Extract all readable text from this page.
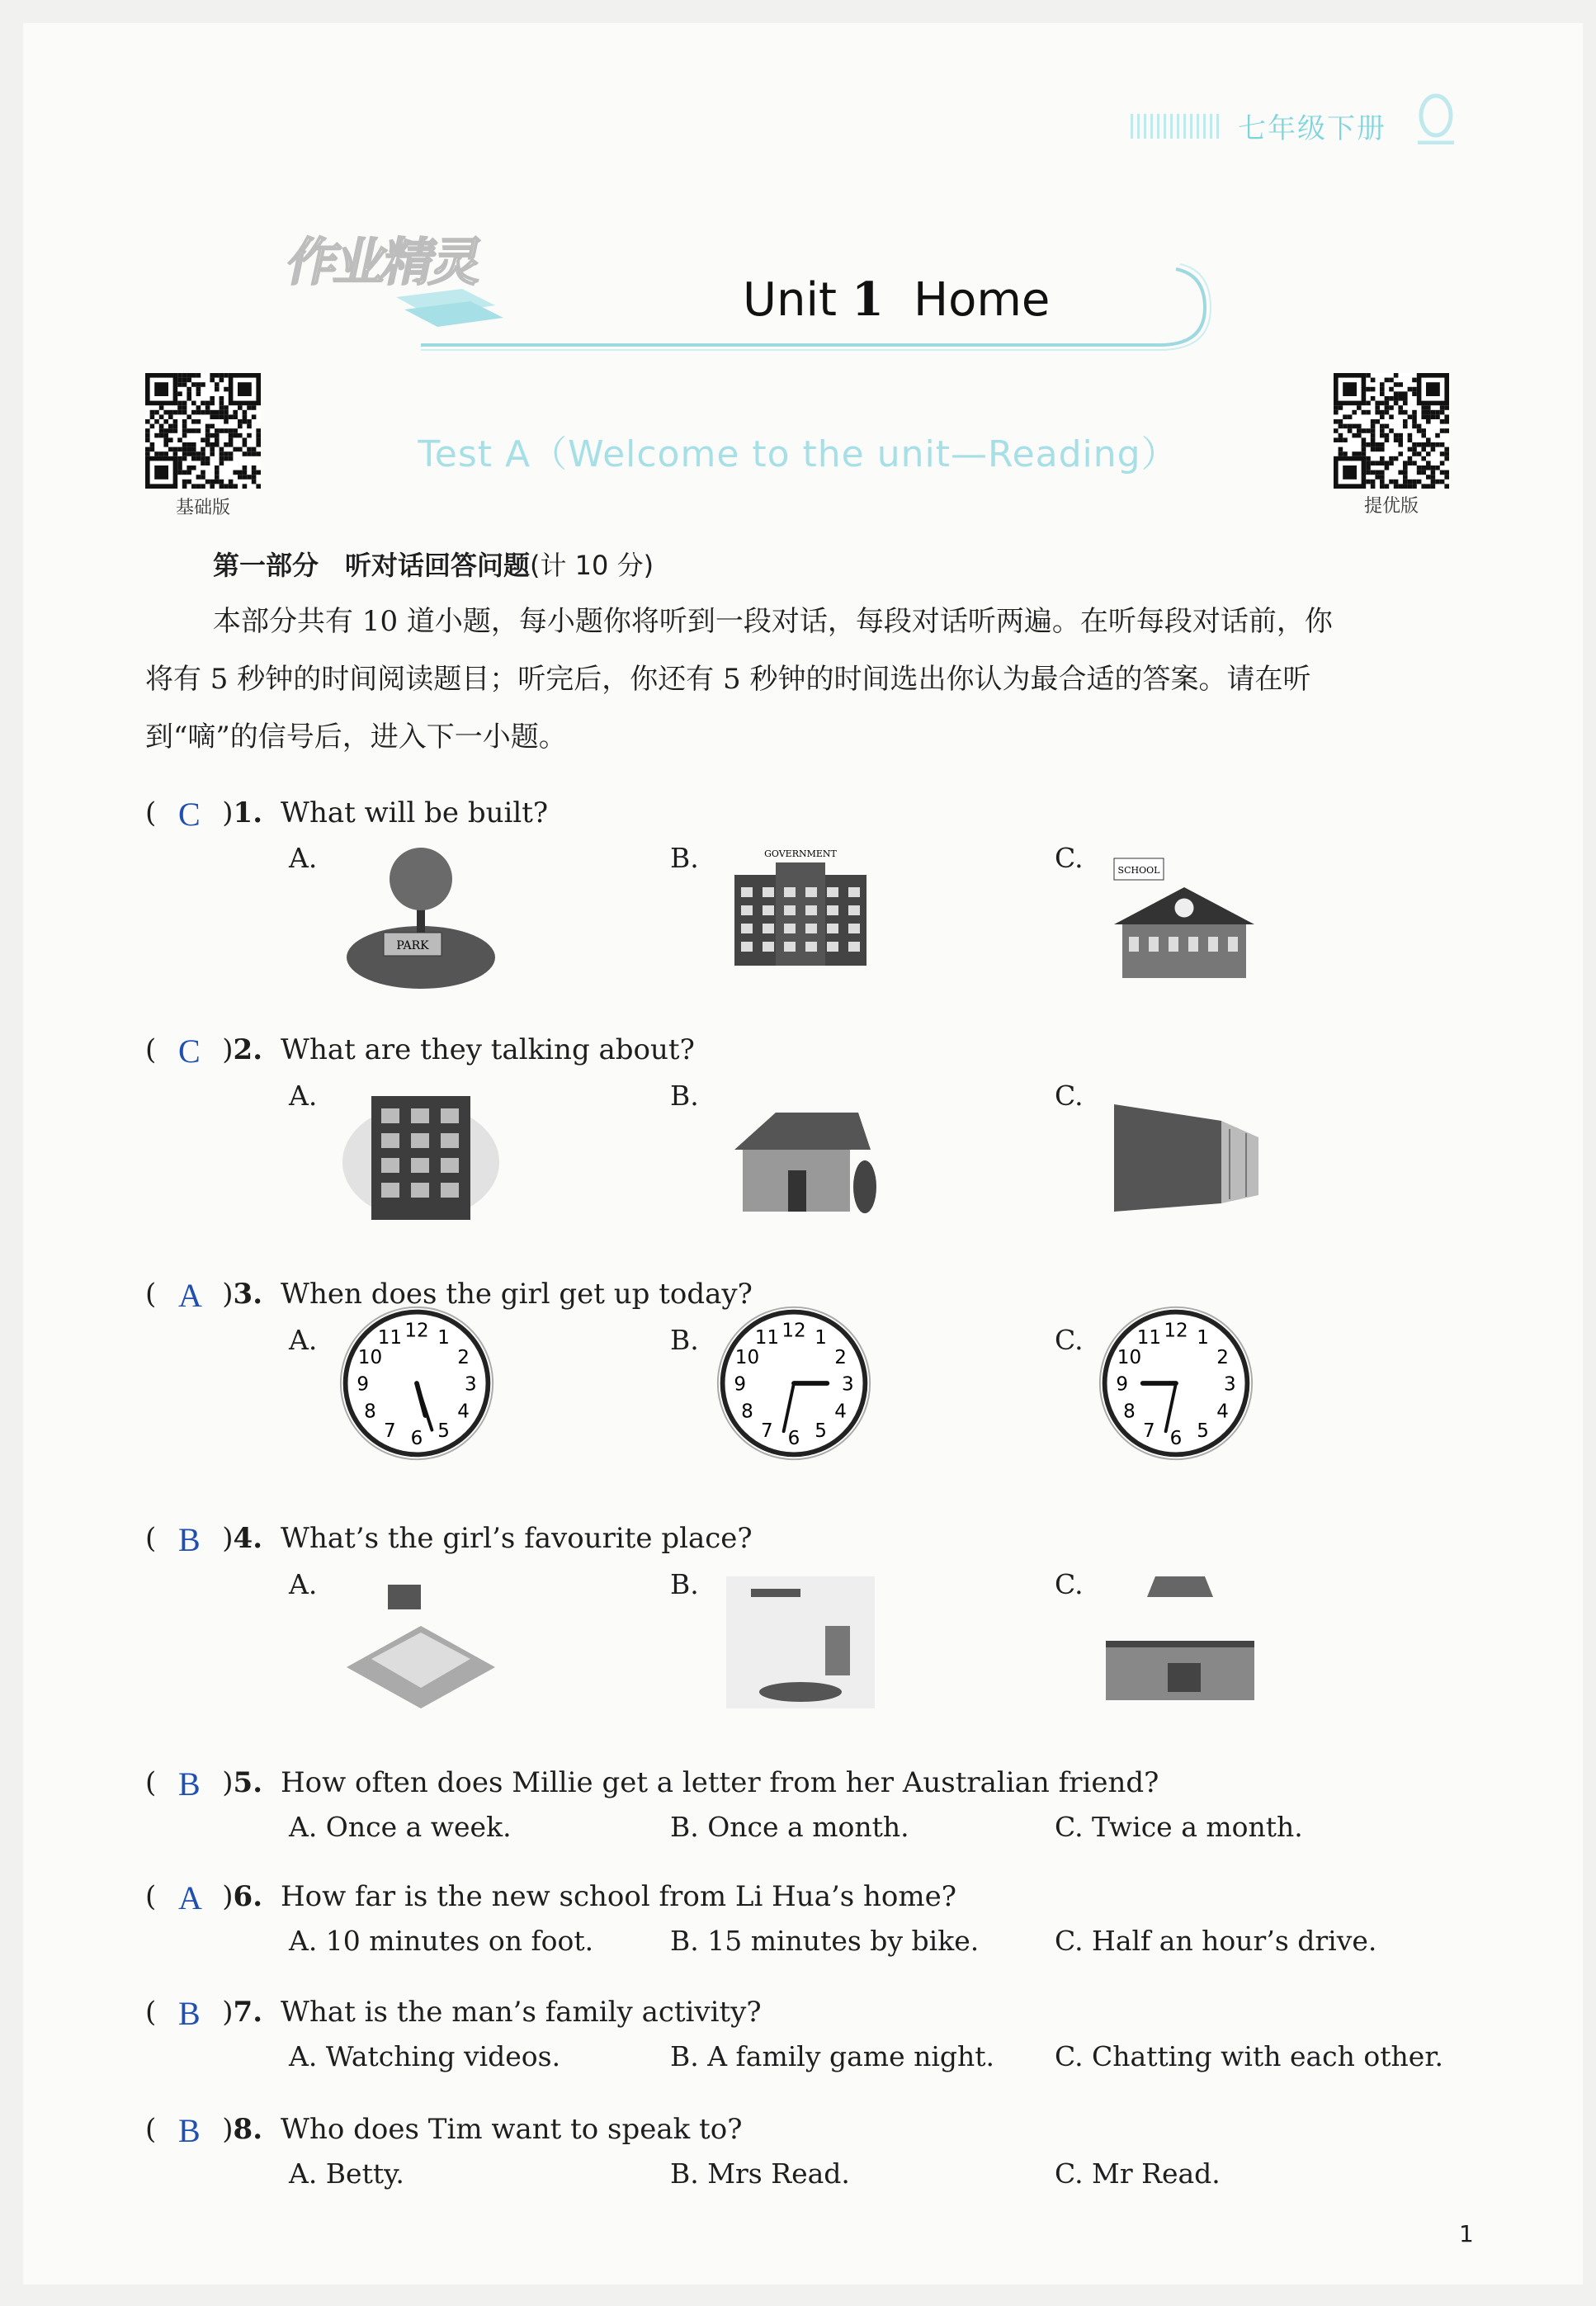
七年级下册
作业精灵
Unit 1 Home
基础版	提优版
Test A（Welcome to the unit—Reading）
第一部分　听对话回答问题(计 10 分)
本部分共有 10 道小题，每小题你将听到一段对话，每段对话听两遍。在听每段对话前，你
将有 5 秒钟的时间阅读题目；听完后，你还有 5 秒钟的时间选出你认为最合适的答案。请在听
到“嘀”的信号后，进入下一小题。
( C )1. What will be built?
A.	B.	C.
( C )2. What are they talking about?
A.	B.	C.
( A )3. When does the girl get up today?
A.	B.	C.
( B )4. What’s the girl’s favourite place?
A.	B.	C.
( B )5. How often does Millie get a letter from her Australian friend?
A. Once a week.	B. Once a month.	C. Twice a month.
( A )6. How far is the new school from Li Hua’s home?
A. 10 minutes on foot.	B. 15 minutes by bike.	C. Half an hour’s drive.
( B )7. What is the man’s family activity?
A. Watching videos.	B. A family game night. C. Chatting with each other.
( B )8. Who does Tim want to speak to?
A. Betty.	B. Mrs Read.	C. Mr Read.
1
PARK
GOVERNMENT
SCHOOL
12 1
2
3
4
5
6
7
8
9
10
11	12 1
2
3
4
5
6
7
8
9
10
11	12 1
2
3
4
5
6
7
8
9
10
11
